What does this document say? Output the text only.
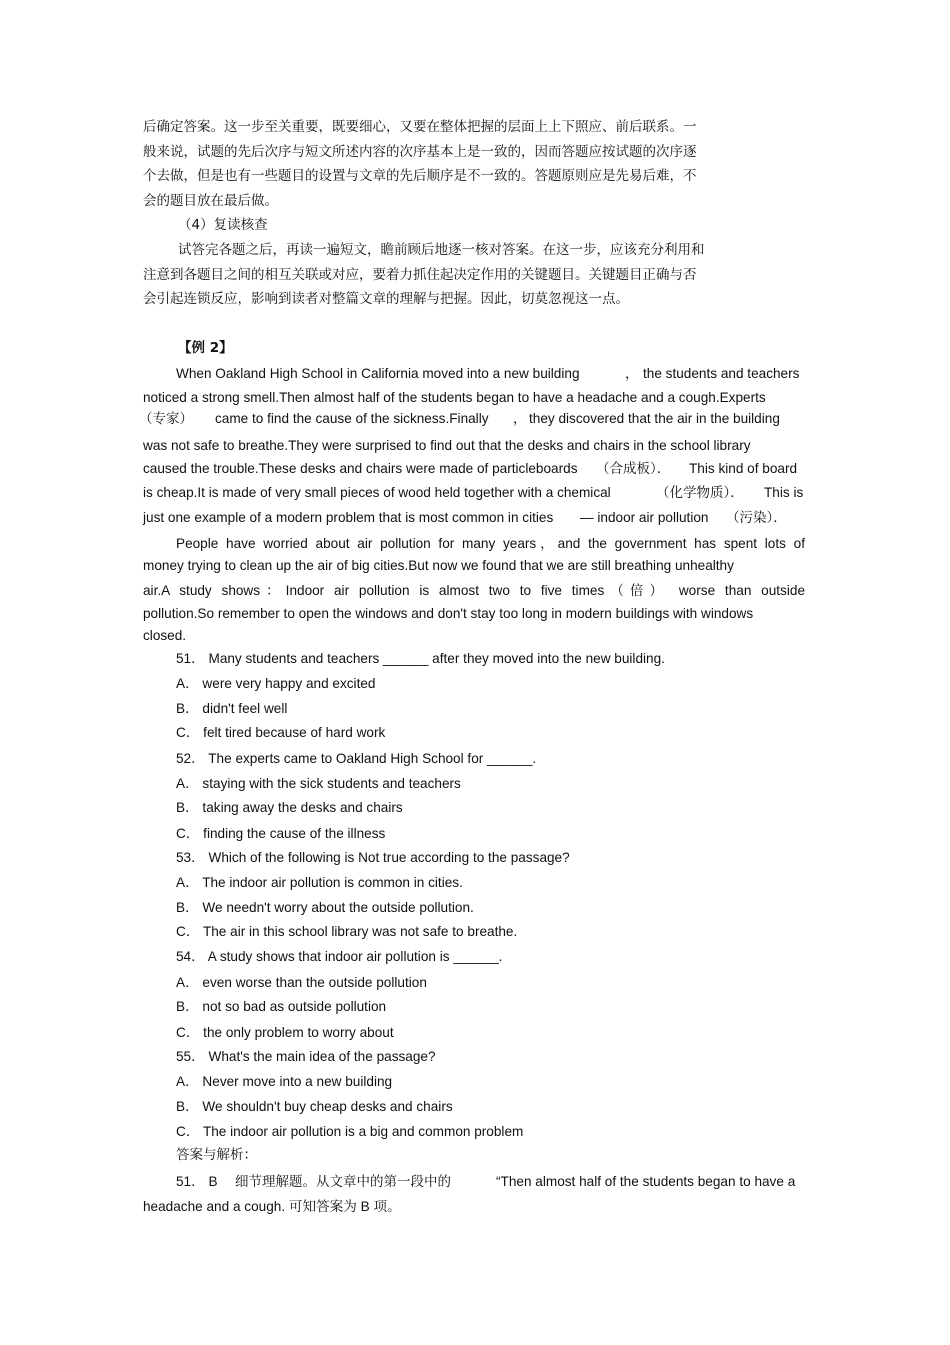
后确定答案。这一步至关重要，既要细心，又要在整体把握的层面上上下照应、前后联系。一
般来说，试题的先后次序与短文所述内容的次序基本上是一致的，因而答题应按试题的次序逐
个去做，但是也有一些题目的设置与文章的先后顺序是不一致的。答题原则应是先易后难，不
会的题目放在最后做。
（4）复读核查
试答完各题之后，再读一遍短文，瞻前顾后地逐一核对答案。在这一步，应该充分利用和
注意到各题目之间的相互关联或对应，要着力抓住起决定作用的关键题目。关键题目正确与否
会引起连锁反应，影响到读者对整篇文章的理解与把握。因此，切莫忽视这一点。
【例 2】
When Oakland High School in California moved into a new building	， the students and teachers
noticed a strong smell.Then almost half of the students began to have a headache and a cough.Experts
（专家） came to find the cause of the sickness.Finally ， they discovered that the air in the building
was not safe to breathe.They were surprised to find out that the desks and chairs in the school library
caused the trouble.These desks and chairs were made of particleboards （合成板）． This kind of board
is cheap.It is made of very small pieces of wood held together with a chemical	（化学物质）． This is
just one example of a modern problem that is most common in cities — indoor air pollution （污染）．
People have worried about air pollution for many years，and the government has spent lots of
money trying to clean up the air of big cities.But now we found that we are still breathing unhealthy
air.A study shows：Indoor air pollution is almost two to five times（倍） worse than outside
pollution.So remember to open the windows and don't stay too long in modern buildings with windows
closed.
51． Many students and teachers ______ after they moved into the new building.
A． were very happy and excited
B． didn't feel well
C． felt tired because of hard work
52． The experts came to Oakland High School for ______.
A． staying with the sick students and teachers
B． taking away the desks and chairs
C． finding the cause of the illness
53． Which of the following is Not true according to the passage?
A． The indoor air pollution is common in cities.
B． We needn't worry about the outside pollution.
C． The air in this school library was not safe to breathe.
54． A study shows that indoor air pollution is ______.
A． even worse than the outside pollution
B． not so bad as outside pollution
C． the only problem to worry about
55． What's the main idea of the passage?
A． Never move into a new building
B． We shouldn't buy cheap desks and chairs
C． The indoor air pollution is a big and common problem
答案与解析：
51． B 细节理解题。从文章中的第一段中的	“Then almost half of the students began to have a
headache and a cough. 可知答案为 B 项。
